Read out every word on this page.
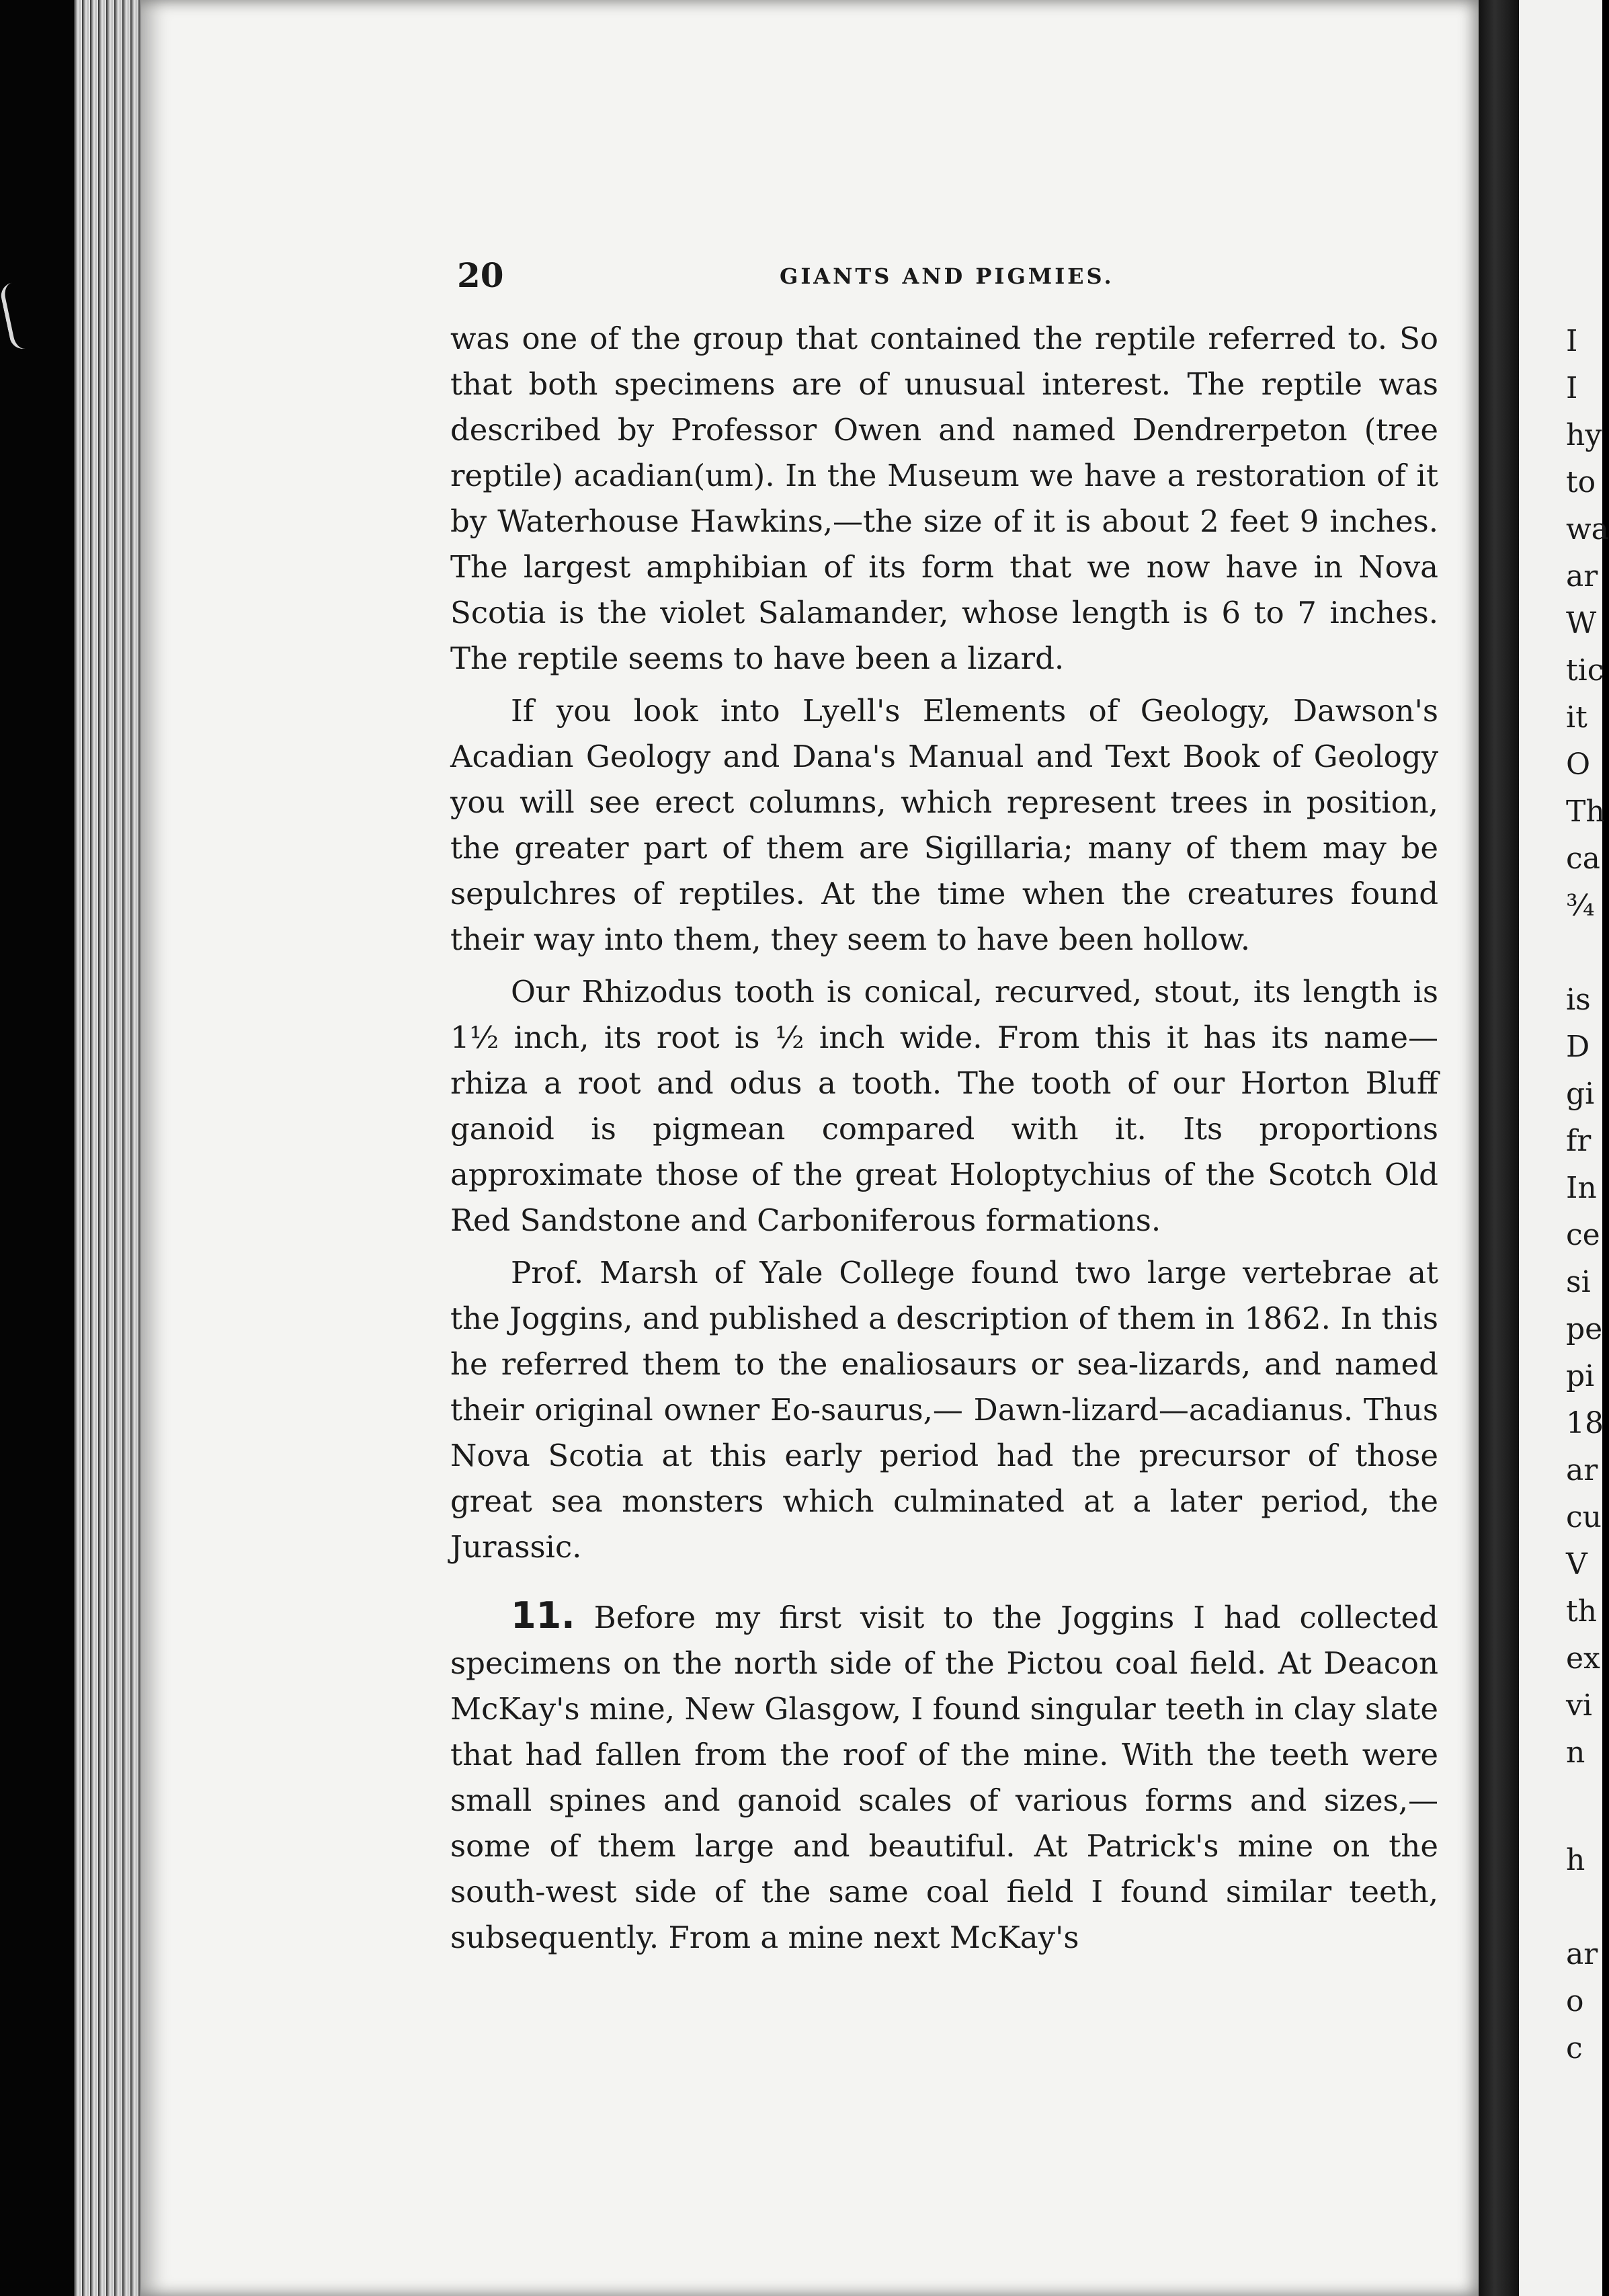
20	GIANTS AND PIGMIES.

was one of the group that contained the reptile referred to. So that both specimens are of unusual interest. The reptile was described by Professor Owen and named Dendrerpeton (tree reptile) acadian(um). In the Museum we have a restoration of it by Waterhouse Hawkins,—the size of it is about 2 feet 9 inches. The largest amphibian of its form that we now have in Nova Scotia is the violet Salamander, whose length is 6 to 7 inches. The reptile seems to have been a lizard.

If you look into Lyell's Elements of Geology, Dawson's Acadian Geology and Dana's Manual and Text Book of Geology you will see erect columns, which represent trees in position, the greater part of them are Sigillaria; many of them may be sepulchres of reptiles. At the time when the creatures found their way into them, they seem to have been hollow.

Our Rhizodus tooth is conical, recurved, stout, its length is 1½ inch, its root is ½ inch wide. From this it has its name—rhiza a root and odus a tooth. The tooth of our Horton Bluff ganoid is pigmean compared with it. Its proportions approximate those of the great Holoptychius of the Scotch Old Red Sandstone and Carboniferous formations.

Prof. Marsh of Yale College found two large vertebrae at the Joggins, and published a description of them in 1862. In this he referred them to the enaliosaurs or sea-lizards, and named their original owner Eo-saurus,— Dawn-lizard—acadianus. Thus Nova Scotia at this early period had the precursor of those great sea monsters which culminated at a later period, the Jurassic.

11. Before my first visit to the Joggins I had collected specimens on the north side of the Pictou coal field. At Deacon McKay's mine, New Glasgow, I found singular teeth in clay slate that had fallen from the roof of the mine. With the teeth were small spines and ganoid scales of various forms and sizes,—some of them large and beautiful. At Patrick's mine on the south-west side of the same coal field I found similar teeth, subsequently. From a mine next McKay's

I
I
hy
to
wa
ar
W
tic
it
O
Th
ca
¾
is
D
gi
fr
In
ce
si
pe
pi
18
ar
cu
V
th
ex
vi
n
h
ar
o
c
